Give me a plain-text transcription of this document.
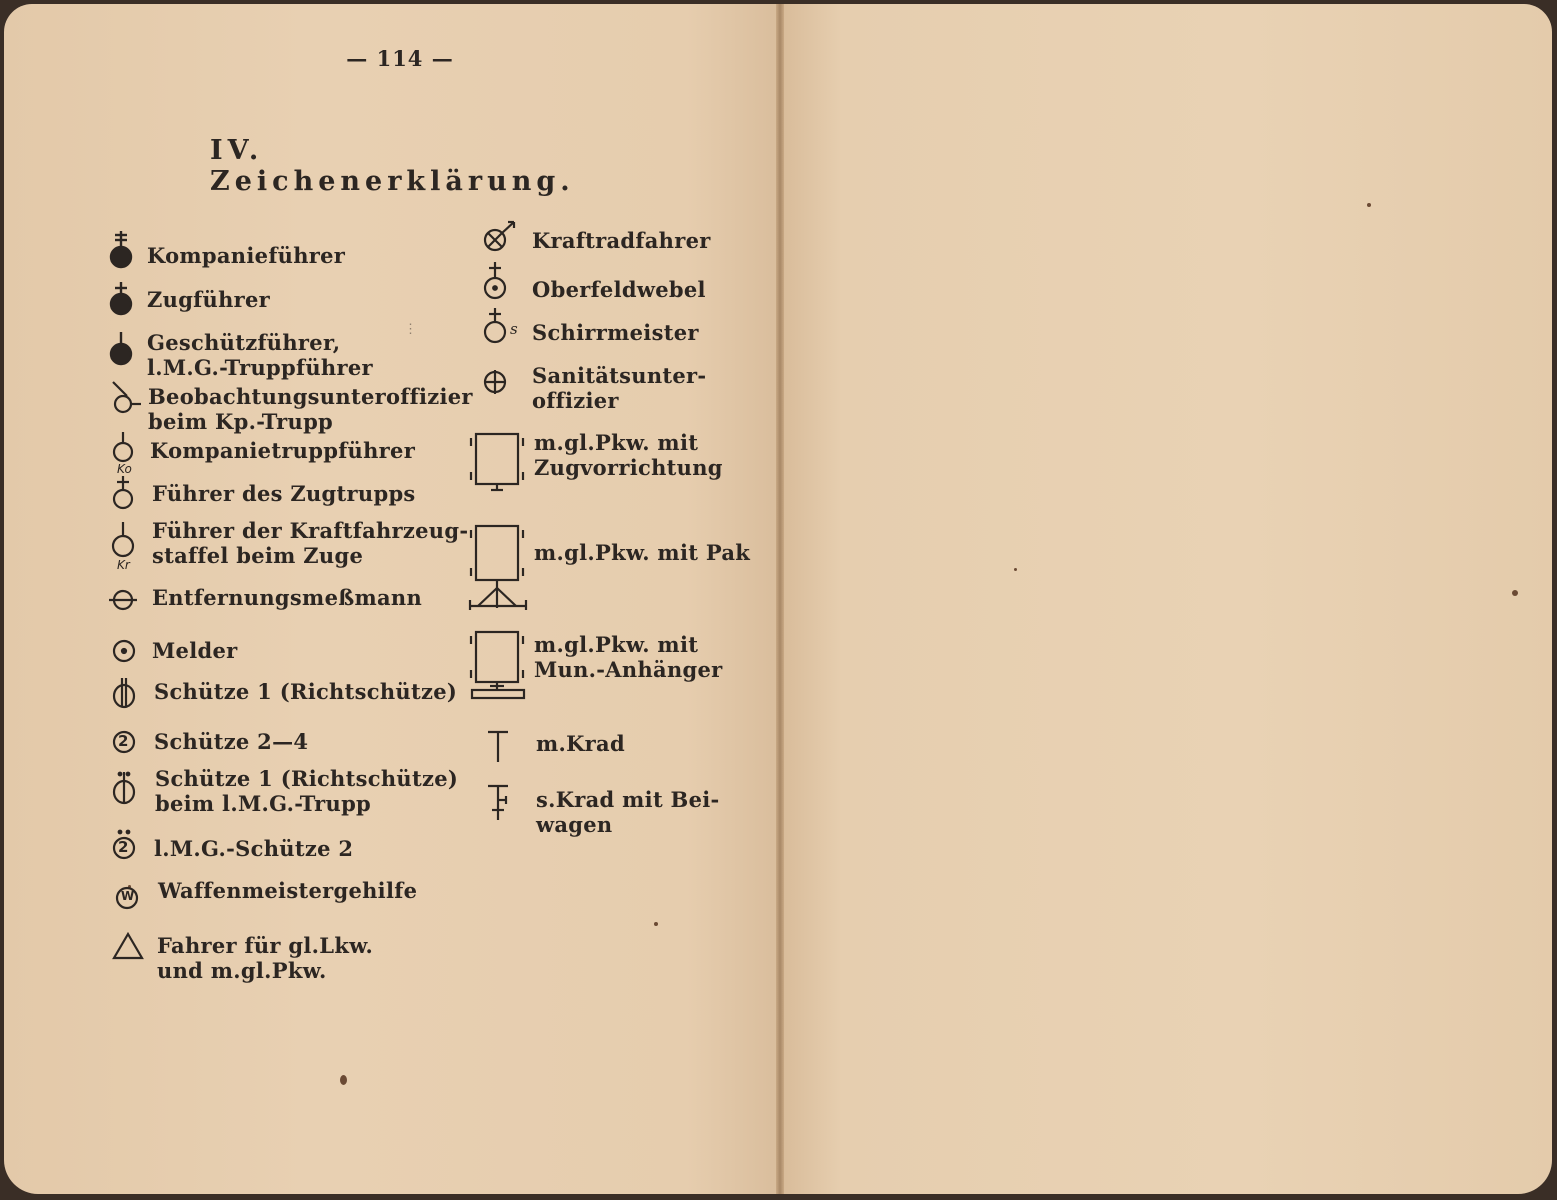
— 114 —
IV. Zeichenerklärung.
⋮
Kompanieführer
Zugführer
Geschützführer,
l.M.G.-Truppführer
Beobachtungsunteroffizier
beim Kp.-Trupp
Ko
Kompanietruppführer
Führer des Zugtrupps
Kr
Führer der Kraftfahrzeug-
staffel beim Zuge
Entfernungsmeßmann
Melder
Schütze 1 (Richtschütze)
2 Schütze 2—4
Schütze 1 (Richtschütze)
beim l.M.G.-Trupp
2 l.M.G.-Schütze 2
W Waffenmeistergehilfe
Fahrer für gl.Lkw.
und m.gl.Pkw.
Kraftradfahrer
Oberfeldwebel
s Schirrmeister
Sanitätsunter-
offizier
m.gl.Pkw. mit
Zugvorrichtung
m.gl.Pkw. mit Pak
m.gl.Pkw. mit
Mun.-Anhänger
m.Krad
s.Krad mit Bei-
wagen
